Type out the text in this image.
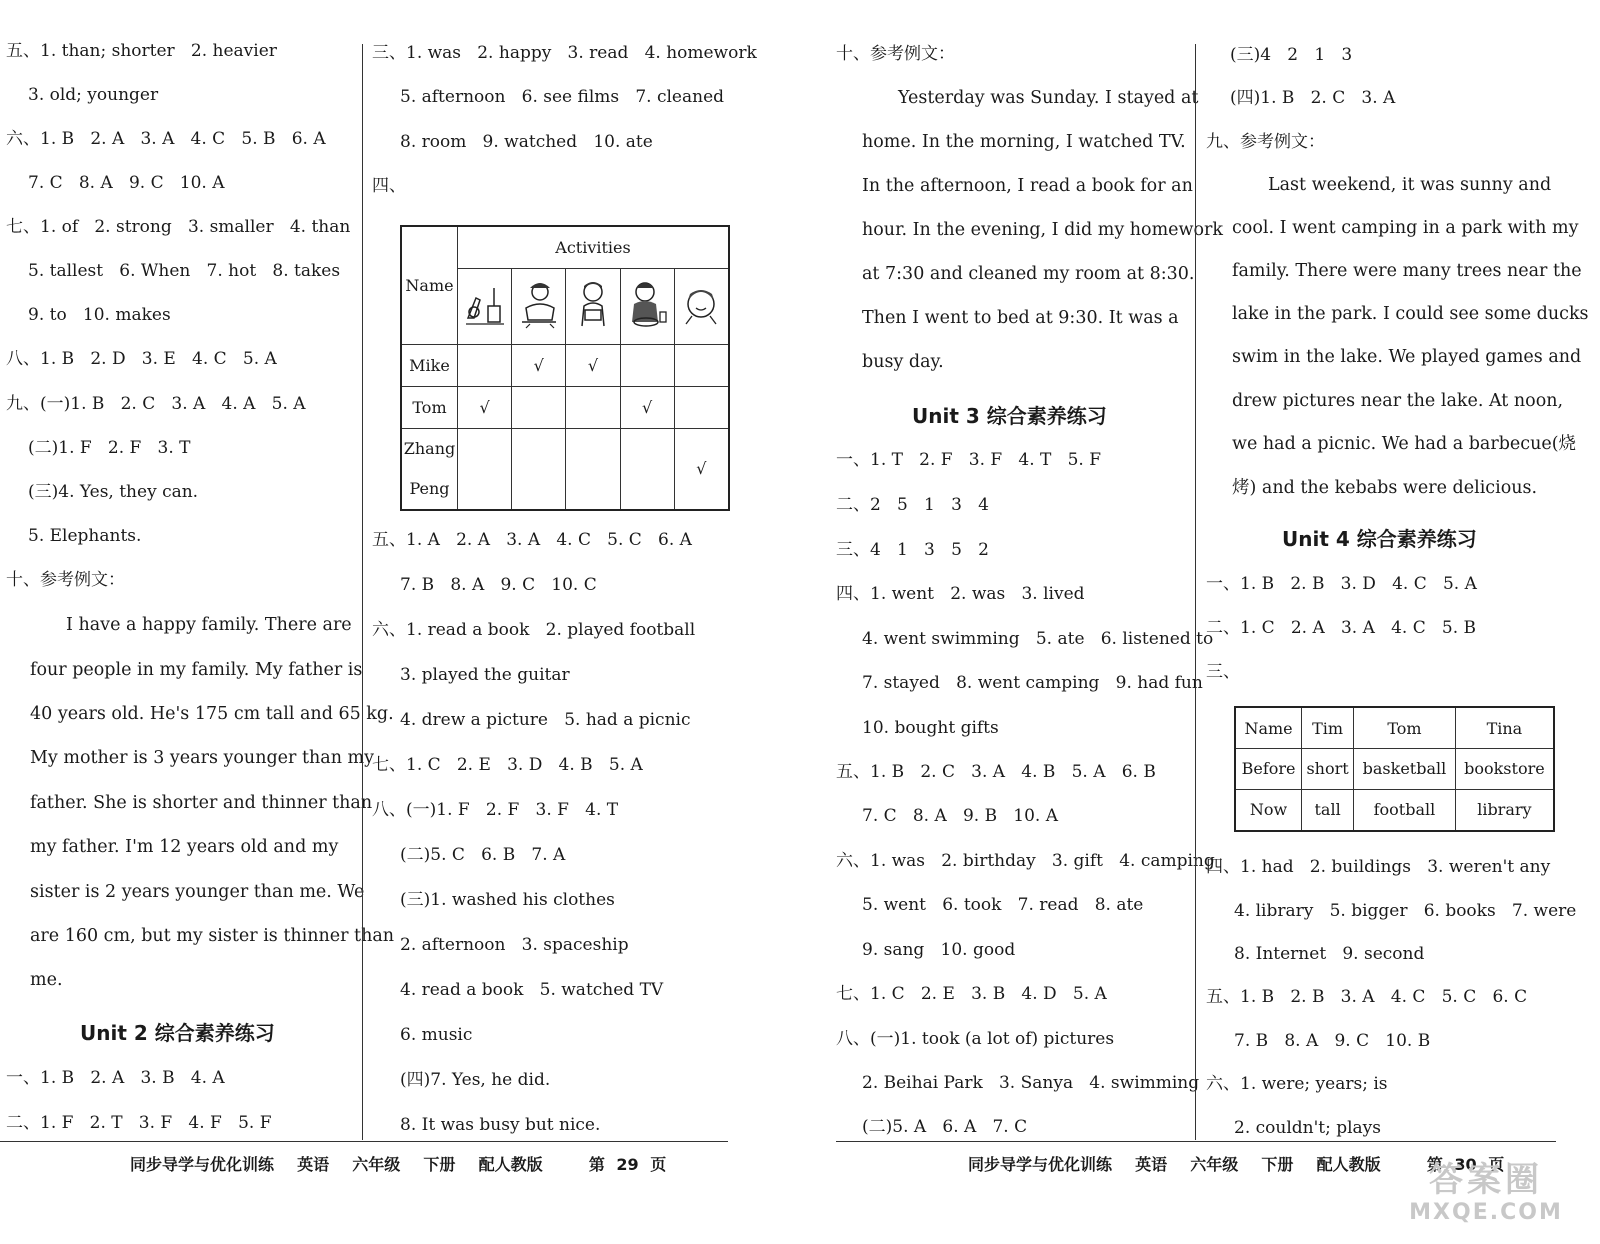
五、1. than; shorter   2. heavier
3. old; younger
六、1. B   2. A   3. A   4. C   5. B   6. A
7. C   8. A   9. C   10. A
七、1. of   2. strong   3. smaller   4. than
5. tallest   6. When   7. hot   8. takes
9. to   10. makes
八、1. B   2. D   3. E   4. C   5. A
九、(一)1. B   2. C   3. A   4. A   5. A
(二)1. F   2. F   3. T
(三)4. Yes, they can.
5. Elephants.
十、参考例文：
I have a happy family. There are
four people in my family. My father is
40 years old. He's 175 cm tall and 65 kg.
My mother is 3 years younger than my
father. She is shorter and thinner than
my father. I'm 12 years old and my
sister is 2 years younger than me. We
are 160 cm, but my sister is thinner than
me.
Unit 2 综合素养练习
一、1. B   2. A   3. B   4. A
二、1. F   2. T   3. F   4. F   5. F
三、1. was   2. happy   3. read   4. homework
5. afternoon   6. see films   7. cleaned
8. room   9. watched   10. ate
四、
Name	Activities				

Mike		√	√		
Tom	√			√	
Zhang
Peng					√
五、1. A   2. A   3. A   4. C   5. C   6. A
7. B   8. A   9. C   10. C
六、1. read a book   2. played football
3. played the guitar
4. drew a picture   5. had a picnic
七、1. C   2. E   3. D   4. B   5. A
八、(一)1. F   2. F   3. F   4. T
(二)5. C   6. B   7. A
(三)1. washed his clothes
2. afternoon   3. spaceship
4. read a book   5. watched TV
6. music
(四)7. Yes, he did.
8. It was busy but nice.
同步导学与优化训练  英语  六年级  下册  配人教版    第 29 页
十、参考例文：
Yesterday was Sunday. I stayed at
home. In the morning, I watched TV.
In the afternoon, I read a book for an
hour. In the evening, I did my homework
at 7:30 and cleaned my room at 8:30.
Then I went to bed at 9:30. It was a
busy day.
Unit 3 综合素养练习
一、1. T   2. F   3. F   4. T   5. F
二、2   5   1   3   4
三、4   1   3   5   2
四、1. went   2. was   3. lived
4. went swimming   5. ate   6. listened to
7. stayed   8. went camping   9. had fun
10. bought gifts
五、1. B   2. C   3. A   4. B   5. A   6. B
7. C   8. A   9. B   10. A
六、1. was   2. birthday   3. gift   4. camping
5. went   6. took   7. read   8. ate
9. sang   10. good
七、1. C   2. E   3. B   4. D   5. A
八、(一)1. took (a lot of) pictures
2. Beihai Park   3. Sanya   4. swimming
(二)5. A   6. A   7. C
(三)4   2   1   3
(四)1. B   2. C   3. A
九、参考例文：
Last weekend, it was sunny and
cool. I went camping in a park with my
family. There were many trees near the
lake in the park. I could see some ducks
swim in the lake. We played games and
drew pictures near the lake. At noon,
we had a picnic. We had a barbecue(烧
烤) and the kebabs were delicious.
Unit 4 综合素养练习
一、1. B   2. B   3. D   4. C   5. A
二、1. C   2. A   3. A   4. C   5. B
三、
Name	Tim	Tom	Tina
Before	short	basketball	bookstore
Now	tall	football	library
四、1. had   2. buildings   3. weren't any
4. library   5. bigger   6. books   7. were
8. Internet   9. second
五、1. B   2. B   3. A   4. C   5. C   6. C
7. B   8. A   9. C   10. B
六、1. were; years; is
2. couldn't; plays
同步导学与优化训练  英语  六年级  下册  配人教版    第 30 页
答案圈
MXQE.COM
